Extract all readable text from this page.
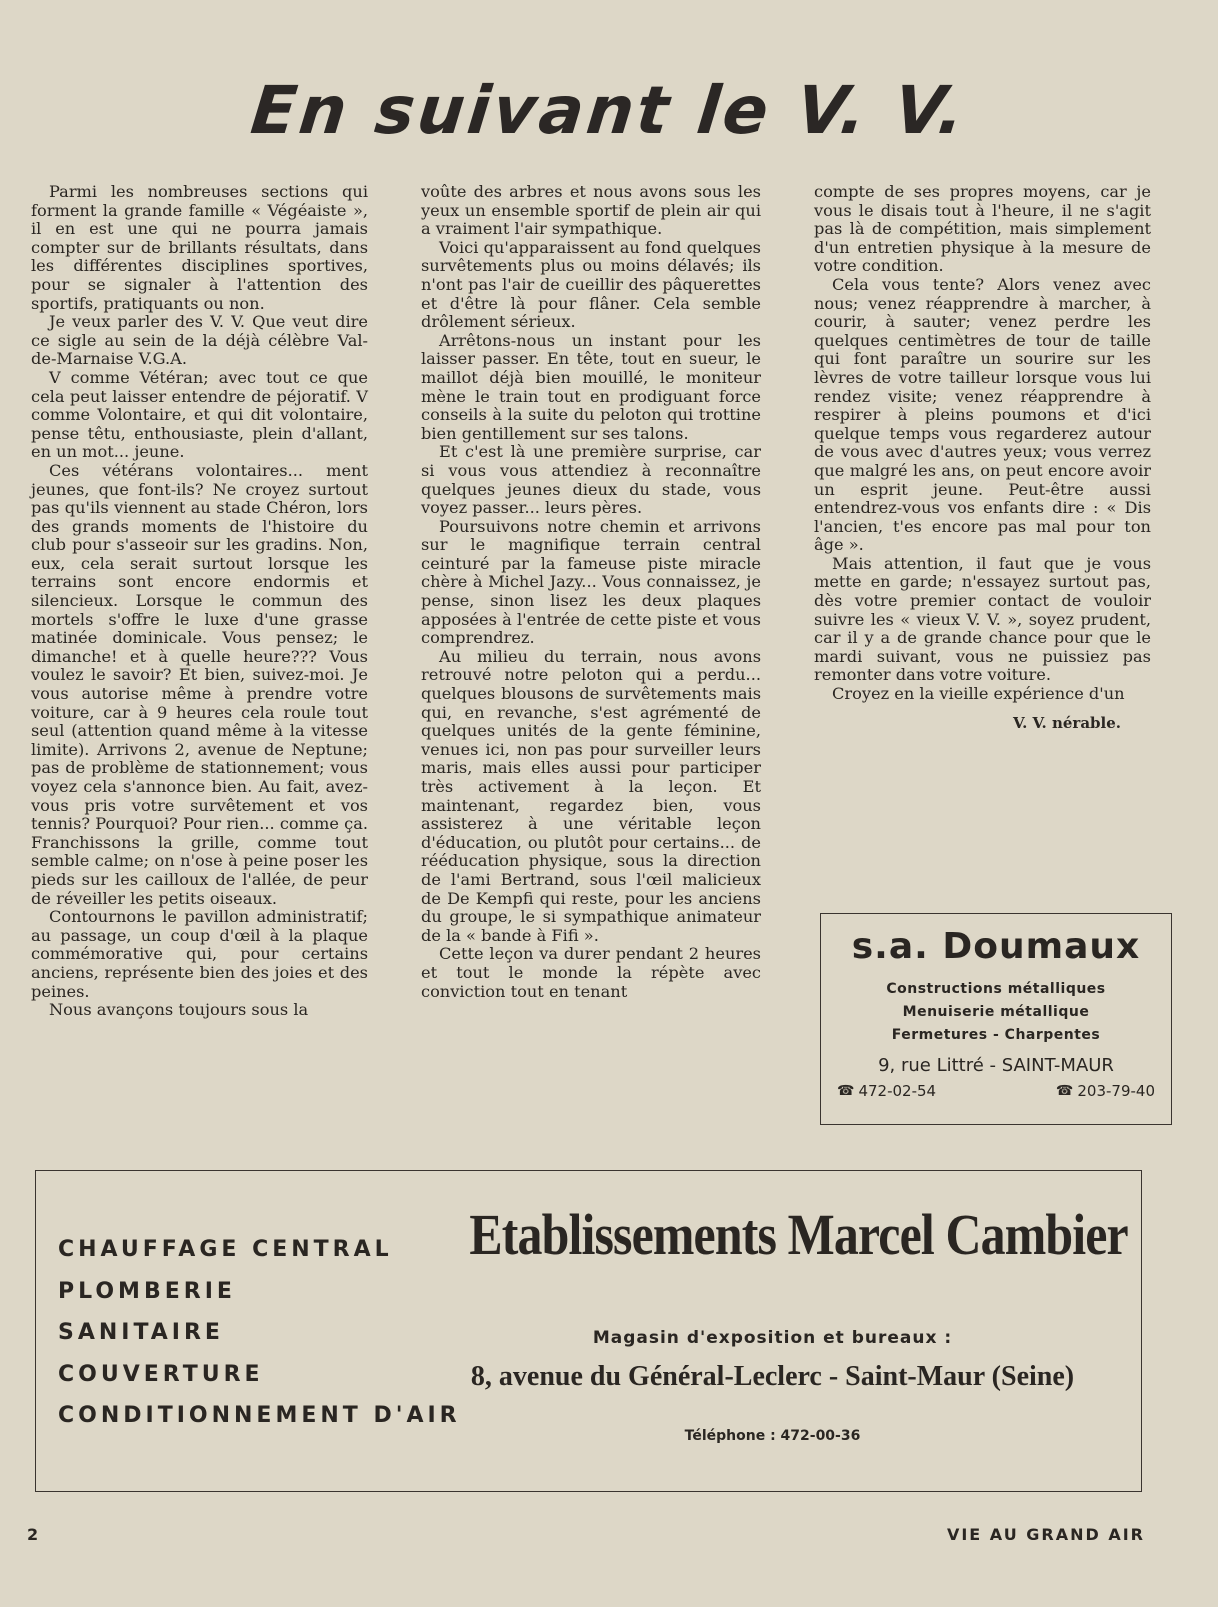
En suivant le V. V.

Parmi les nombreuses sections qui forment la grande famille « Végéaiste », il en est une qui ne pourra jamais compter sur de brillants résultats, dans les différentes disciplines sportives, pour se signaler à l'attention des sportifs, pratiquants ou non.

Je veux parler des V. V. Que veut dire ce sigle au sein de la déjà célèbre Val-de-Marnaise V.G.A.

V comme Vétéran; avec tout ce que cela peut laisser entendre de péjoratif. V comme Volontaire, et qui dit volontaire, pense têtu, enthousiaste, plein d'allant, en un mot... jeune.

Ces vétérans volontaires... ment jeunes, que font-ils? Ne croyez surtout pas qu'ils viennent au stade Chéron, lors des grands moments de l'histoire du club pour s'asseoir sur les gradins. Non, eux, cela serait surtout lorsque les terrains sont encore endormis et silencieux. Lorsque le commun des mortels s'offre le luxe d'une grasse matinée dominicale. Vous pensez; le dimanche! et à quelle heure??? Vous voulez le savoir? Et bien, suivez-moi. Je vous autorise même à prendre votre voiture, car à 9 heures cela roule tout seul (attention quand même à la vitesse limite). Arrivons 2, avenue de Neptune; pas de problème de stationnement; vous voyez cela s'annonce bien. Au fait, avez-vous pris votre survêtement et vos tennis? Pourquoi? Pour rien... comme ça. Franchissons la grille, comme tout semble calme; on n'ose à peine poser les pieds sur les cailloux de l'allée, de peur de réveiller les petits oiseaux.

Contournons le pavillon administratif; au passage, un coup d'œil à la plaque commémorative qui, pour certains anciens, représente bien des joies et des peines.

Nous avançons toujours sous la

voûte des arbres et nous avons sous les yeux un ensemble sportif de plein air qui a vraiment l'air sympathique.

Voici qu'apparaissent au fond quelques survêtements plus ou moins délavés; ils n'ont pas l'air de cueillir des pâquerettes et d'être là pour flâner. Cela semble drôlement sérieux.

Arrêtons-nous un instant pour les laisser passer. En tête, tout en sueur, le maillot déjà bien mouillé, le moniteur mène le train tout en prodiguant force conseils à la suite du peloton qui trottine bien gentillement sur ses talons.

Et c'est là une première surprise, car si vous vous attendiez à reconnaître quelques jeunes dieux du stade, vous voyez passer... leurs pères.

Poursuivons notre chemin et arrivons sur le magnifique terrain central ceinturé par la fameuse piste miracle chère à Michel Jazy... Vous connaissez, je pense, sinon lisez les deux plaques apposées à l'entrée de cette piste et vous comprendrez.

Au milieu du terrain, nous avons retrouvé notre peloton qui a perdu... quelques blousons de survêtements mais qui, en revanche, s'est agrémenté de quelques unités de la gente féminine, venues ici, non pas pour surveiller leurs maris, mais elles aussi pour participer très activement à la leçon. Et maintenant, regardez bien, vous assisterez à une véritable leçon d'éducation, ou plutôt pour certains... de rééducation physique, sous la direction de l'ami Bertrand, sous l'œil malicieux de De Kempfi qui reste, pour les anciens du groupe, le si sympathique animateur de la « bande à Fifi ».

Cette leçon va durer pendant 2 heures et tout le monde la répète avec conviction tout en tenant

compte de ses propres moyens, car je vous le disais tout à l'heure, il ne s'agit pas là de compétition, mais simplement d'un entretien physique à la mesure de votre condition.

Cela vous tente? Alors venez avec nous; venez réapprendre à marcher, à courir, à sauter; venez perdre les quelques centimètres de tour de taille qui font paraître un sourire sur les lèvres de votre tailleur lorsque vous lui rendez visite; venez réapprendre à respirer à pleins poumons et d'ici quelque temps vous regarderez autour de vous avec d'autres yeux; vous verrez que malgré les ans, on peut encore avoir un esprit jeune. Peut-être aussi entendrez-vous vos enfants dire : « Dis l'ancien, t'es encore pas mal pour ton âge ».

Mais attention, il faut que je vous mette en garde; n'essayez surtout pas, dès votre premier contact de vouloir suivre les « vieux V. V. », soyez prudent, car il y a de grande chance pour que le mardi suivant, vous ne puissiez pas remonter dans votre voiture.

Croyez en la vieille expérience d'un

V. V. nérable.
s.a. Doumaux
Constructions métalliques
Menuiserie métallique
Fermetures - Charpentes
9, rue Littré - SAINT-MAUR
☎ 472-02-54	☎ 203-79-40
CHAUFFAGE CENTRAL
PLOMBERIE
SANITAIRE
COUVERTURE
CONDITIONNEMENT D'AIR
Etablissements Marcel Cambier
Magasin d'exposition et bureaux :
8, avenue du Général-Leclerc - Saint-Maur (Seine)
Téléphone : 472-00-36
2	VIE AU GRAND AIR
